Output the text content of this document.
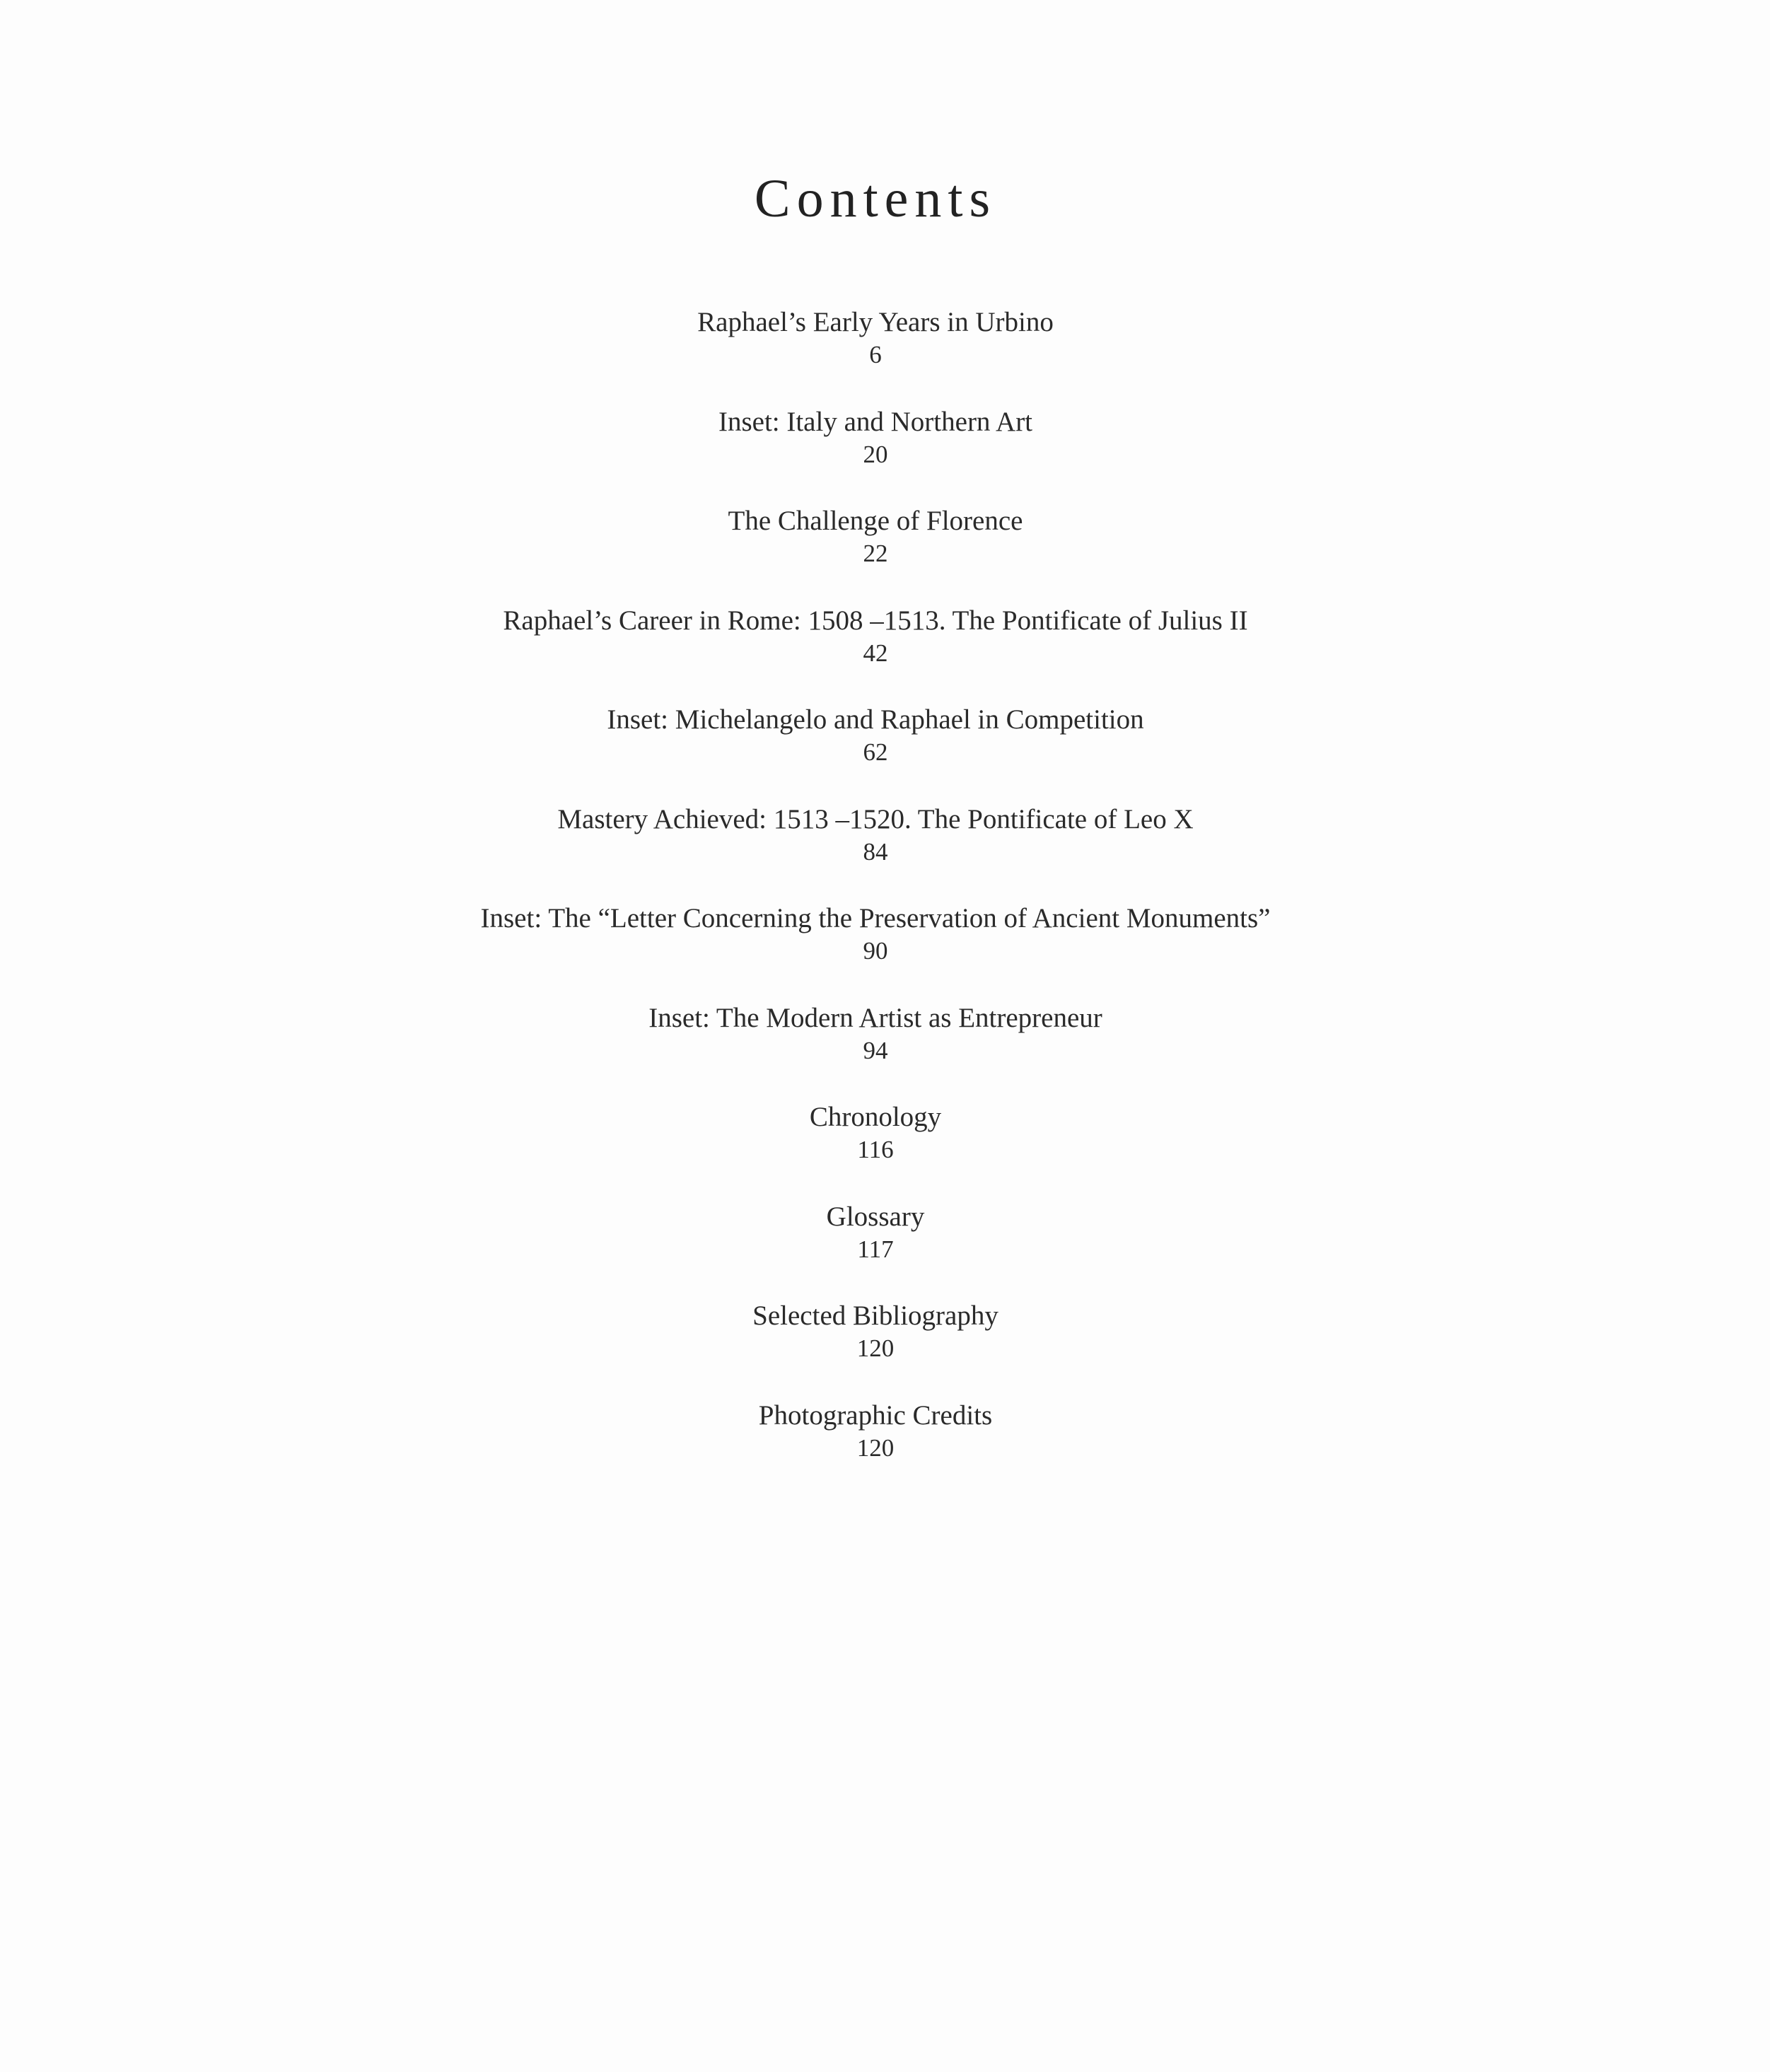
Contents
Raphael’s Early Years in Urbino
6
Inset: Italy and Northern Art
20
The Challenge of Florence
22
Raphael’s Career in Rome: 1508 –1513. The Pontificate of Julius II
42
Inset: Michelangelo and Raphael in Competition
62
Mastery Achieved: 1513 –1520. The Pontificate of Leo X
84
Inset: The “Letter Concerning the Preservation of Ancient Monuments”
90
Inset: The Modern Artist as Entrepreneur
94
Chronology
116
Glossary
117
Selected Bibliography
120
Photographic Credits
120
